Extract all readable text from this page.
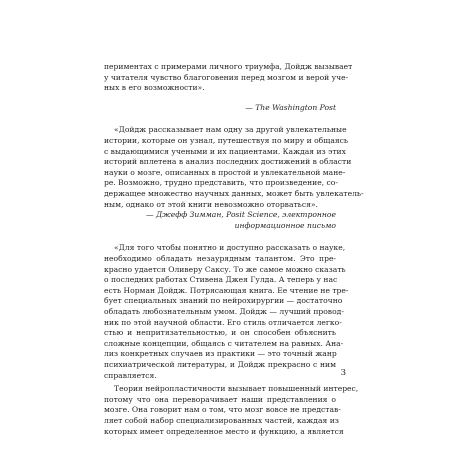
периментах с примерами личного триумфа, Дойдж вызывает
у читателя чувство благоговения перед мозгом и верой уче-
ных в его возможности».
— The Washington Post
«Дойдж рассказывает нам одну за другой увлекательные
истории, которые он узнал, путешествуя по миру и общаясь
с выдающимися учеными и их пациентами. Каждая из этих
историй вплетена в анализ последних достижений в области
науки о мозге, описанных в простой и увлекательной мане-
ре. Возможно, трудно представить, что произведение, со-
держащее множество научных данных, может быть увлекатель-
ным, однако от этой книги невозможно оторваться».
— Джефф Зимман, Posit Science, электронное
информационное письмо
«Для того чтобы понятно и доступно рассказать о науке,
необходимо обладать незаурядным талантом. Это пре-
красно удается Оливеру Саксу. То же самое можно сказать
о последних работах Стивена Джея Гулда. А теперь у нас
есть Норман Дойдж. Потрясающая книга. Ее чтение не тре-
бует специальных знаний по нейрохирургии — достаточно
обладать любознательным умом. Дойдж — лучший провод-
ник по этой научной области. Его стиль отличается легко-
стью и непритязательностью, и он способен объяснить
сложные концепции, общаясь с читателем на равных. Ана-
лиз конкретных случаев из практики — это точный жанр
психиатрической литературы, и Дойдж прекрасно с ним
справляется.
Теория нейропластичности вызывает повышенный интерес,
потому что она переворачивает наши представления о
мозге. Она говорит нам о том, что мозг вовсе не представ-
ляет собой набор специализированных частей, каждая из
которых имеет определенное место и функцию, а является
3
